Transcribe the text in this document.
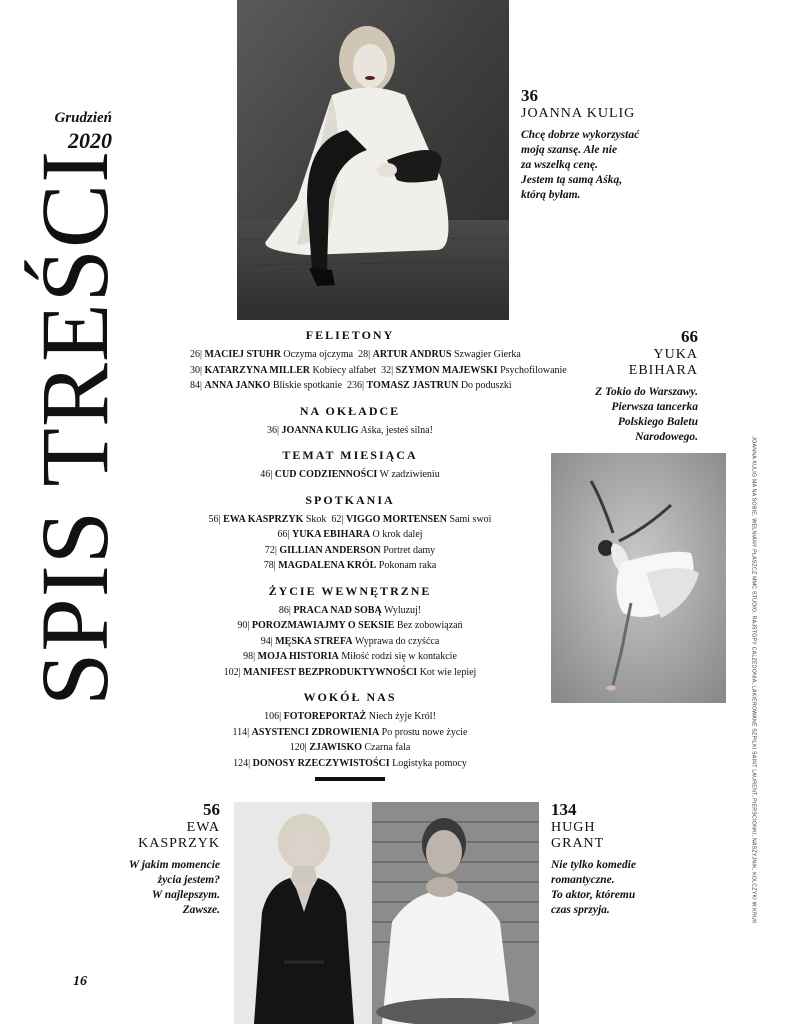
Grudzień
2020
SPIS TREŚCI
36
JOANNA KULIG
Chcę dobrze wykorzystać
moją szansę. Ale nie
za wszelką cenę.
Jestem tą samą Aśką,
którą byłam.
66
YUKA
EBIHARA
Z Tokio do Warszawy.
Pierwsza tancerka
Polskiego Baletu
Narodowego.
FELIETONY
26| MACIEJ STUHR Oczyma ojczyma 28| ARTUR ANDRUS Szwagier Gierka
30| KATARZYNA MILLER Kobiecy alfabet 32| SZYMON MAJEWSKI Psychofilowanie
84| ANNA JANKO Bliskie spotkanie 236| TOMASZ JASTRUN Do poduszki
NA OKŁADCE
36| JOANNA KULIG Aśka, jesteś silna!
TEMAT MIESIĄCA
46| CUD CODZIENNOŚCI W zadziwieniu
SPOTKANIA
56| EWA KASPRZYK Skok 62| VIGGO MORTENSEN Sami swoi
66| YUKA EBIHARA O krok dalej
72| GILLIAN ANDERSON Portret damy
78| MAGDALENA KRÓL Pokonam raka
ŻYCIE WEWNĘTRZNE
86| PRACA NAD SOBĄ Wyluzuj!
90| POROZMAWIAJMY O SEKSIE Bez zobowiązań
94| MĘSKA STREFA Wyprawa do czyśćca
98| MOJA HISTORIA Miłość rodzi się w kontakcie
102| MANIFEST BEZPRODUKTYWNOŚCI Kot wie lepiej
WOKÓŁ NAS
106| FOTOREPORTAŻ Niech żyje Król!
114| ASYSTENCI ZDROWIENIA Po prostu nowe życie
120| ZJAWISKO Czarna fala
124| DONOSY RZECZYWISTOŚCI Logistyka pomocy
56
EWA
KASPRZYK
W jakim momencie
życia jestem?
W najlepszym.
Zawsze.
134
HUGH
GRANT
Nie tylko komedie
romantyczne.
To aktor, któremu
czas sprzyja.	JOANNA KULIG MA NA SOBIE: WEŁNIANY PŁASZCZ MMC STUDIO, RAJSTOPY CALZEDONIA, LAKIEROWANE SZPILKI SAINT LAURENT, PIERŚCIONKI, NASZYJNIK, KOLCZYKI W.KRUK
16
